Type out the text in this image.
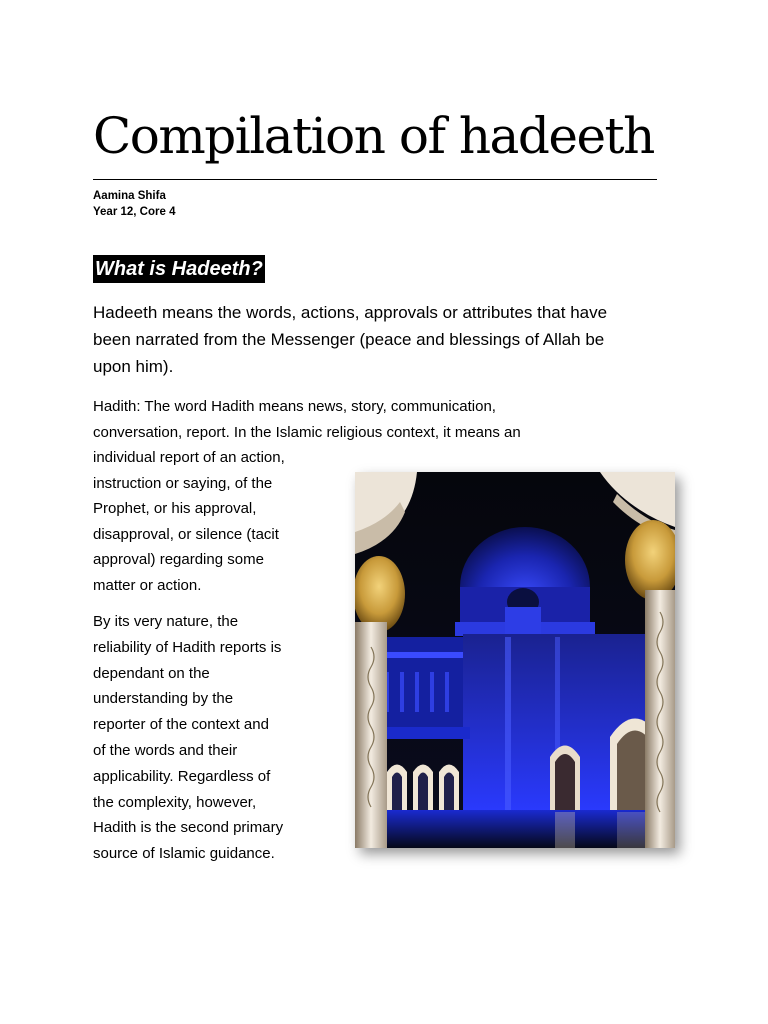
Compilation of hadeeth
Aamina Shifa
Year 12, Core 4
What is Hadeeth?

Hadeeth means the words, actions, approvals or attributes that have
been narrated from the Messenger (peace and blessings of Allah be
upon him).

Hadith: The word Hadith means news, story, communication,
conversation, report. In the Islamic religious context, it means an

individual report of an action,
instruction or saying, of the
Prophet, or his approval,
disapproval, or silence (tacit
approval) regarding some
matter or action.

By its very nature, the
reliability of Hadith reports is
dependant on the
understanding by the
reporter of the context and
of the words and their
applicability. Regardless of
the complexity, however,
Hadith is the second primary
source of Islamic guidance.
